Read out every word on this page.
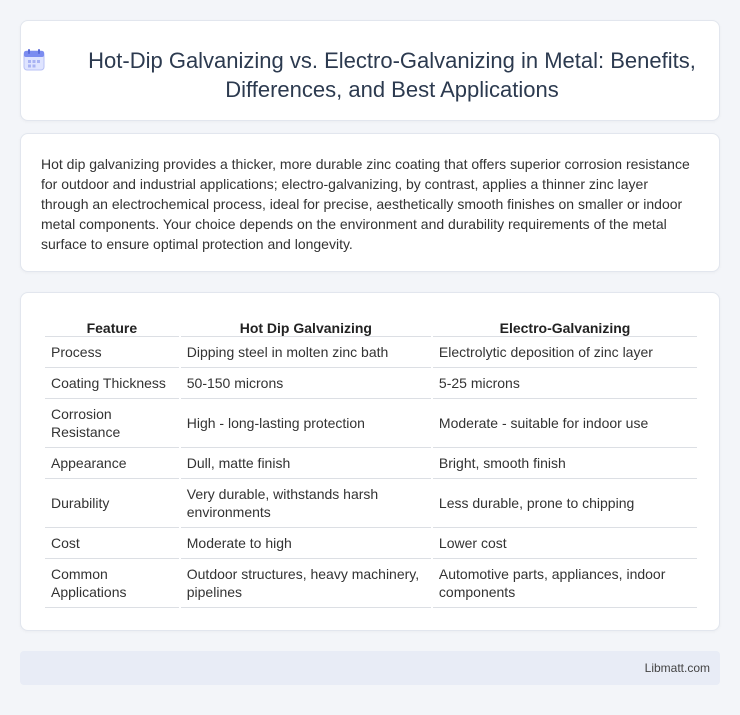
Hot-Dip Galvanizing vs. Electro-Galvanizing in Metal: Benefits, Differences, and Best Applications

Hot dip galvanizing provides a thicker, more durable zinc coating that offers superior corrosion resistance for outdoor and industrial applications; electro-galvanizing, by contrast, applies a thinner zinc layer through an electrochemical process, ideal for precise, aesthetically smooth finishes on smaller or indoor metal components. Your choice depends on the environment and durability requirements of the metal surface to ensure optimal protection and longevity.

Feature	Hot Dip Galvanizing	Electro-Galvanizing
Process	Dipping steel in molten zinc bath	Electrolytic deposition of zinc layer
Coating Thickness	50-150 microns	5-25 microns
Corrosion Resistance	High - long-lasting protection	Moderate - suitable for indoor use
Appearance	Dull, matte finish	Bright, smooth finish
Durability	Very durable, withstands harsh environments	Less durable, prone to chipping
Cost	Moderate to high	Lower cost
Common Applications	Outdoor structures, heavy machinery, pipelines	Automotive parts, appliances, indoor components
Libmatt.com
